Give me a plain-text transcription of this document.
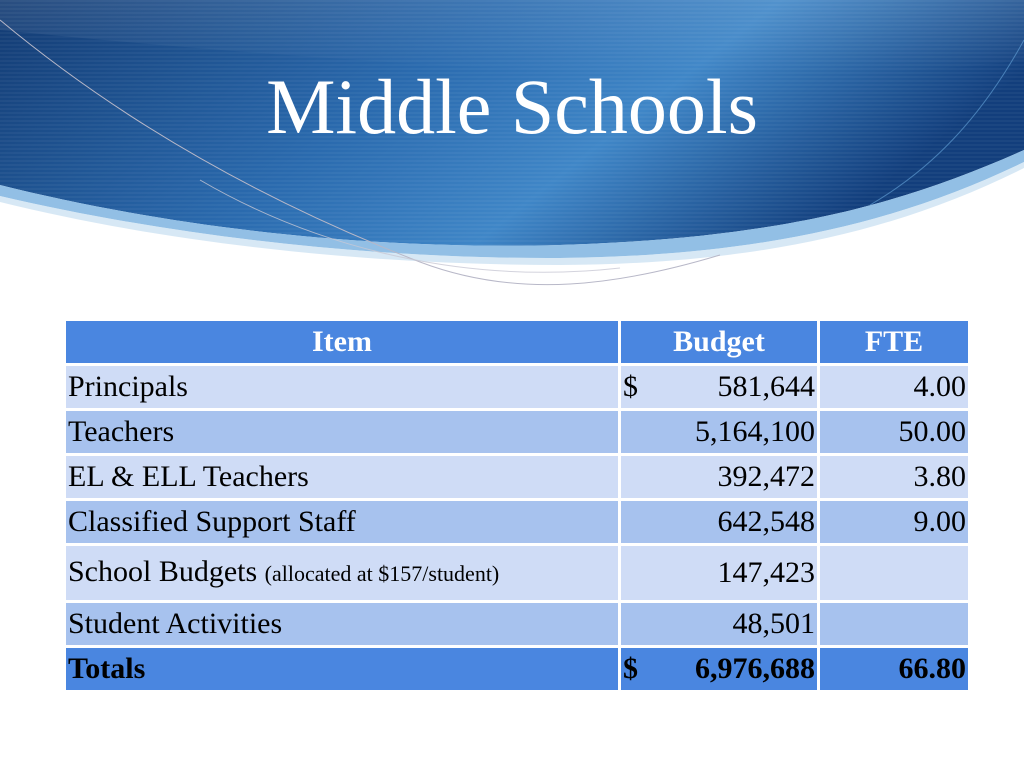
Middle Schools
Item	Budget	FTE
Principals	$ 581,644	4.00
Teachers	5,164,100	50.00
EL & ELL Teachers	392,472	3.80
Classified Support Staff	642,548	9.00
School Budgets (allocated at $157/student)	147,423	
Student Activities	48,501	
Totals	$ 6,976,688	66.80
